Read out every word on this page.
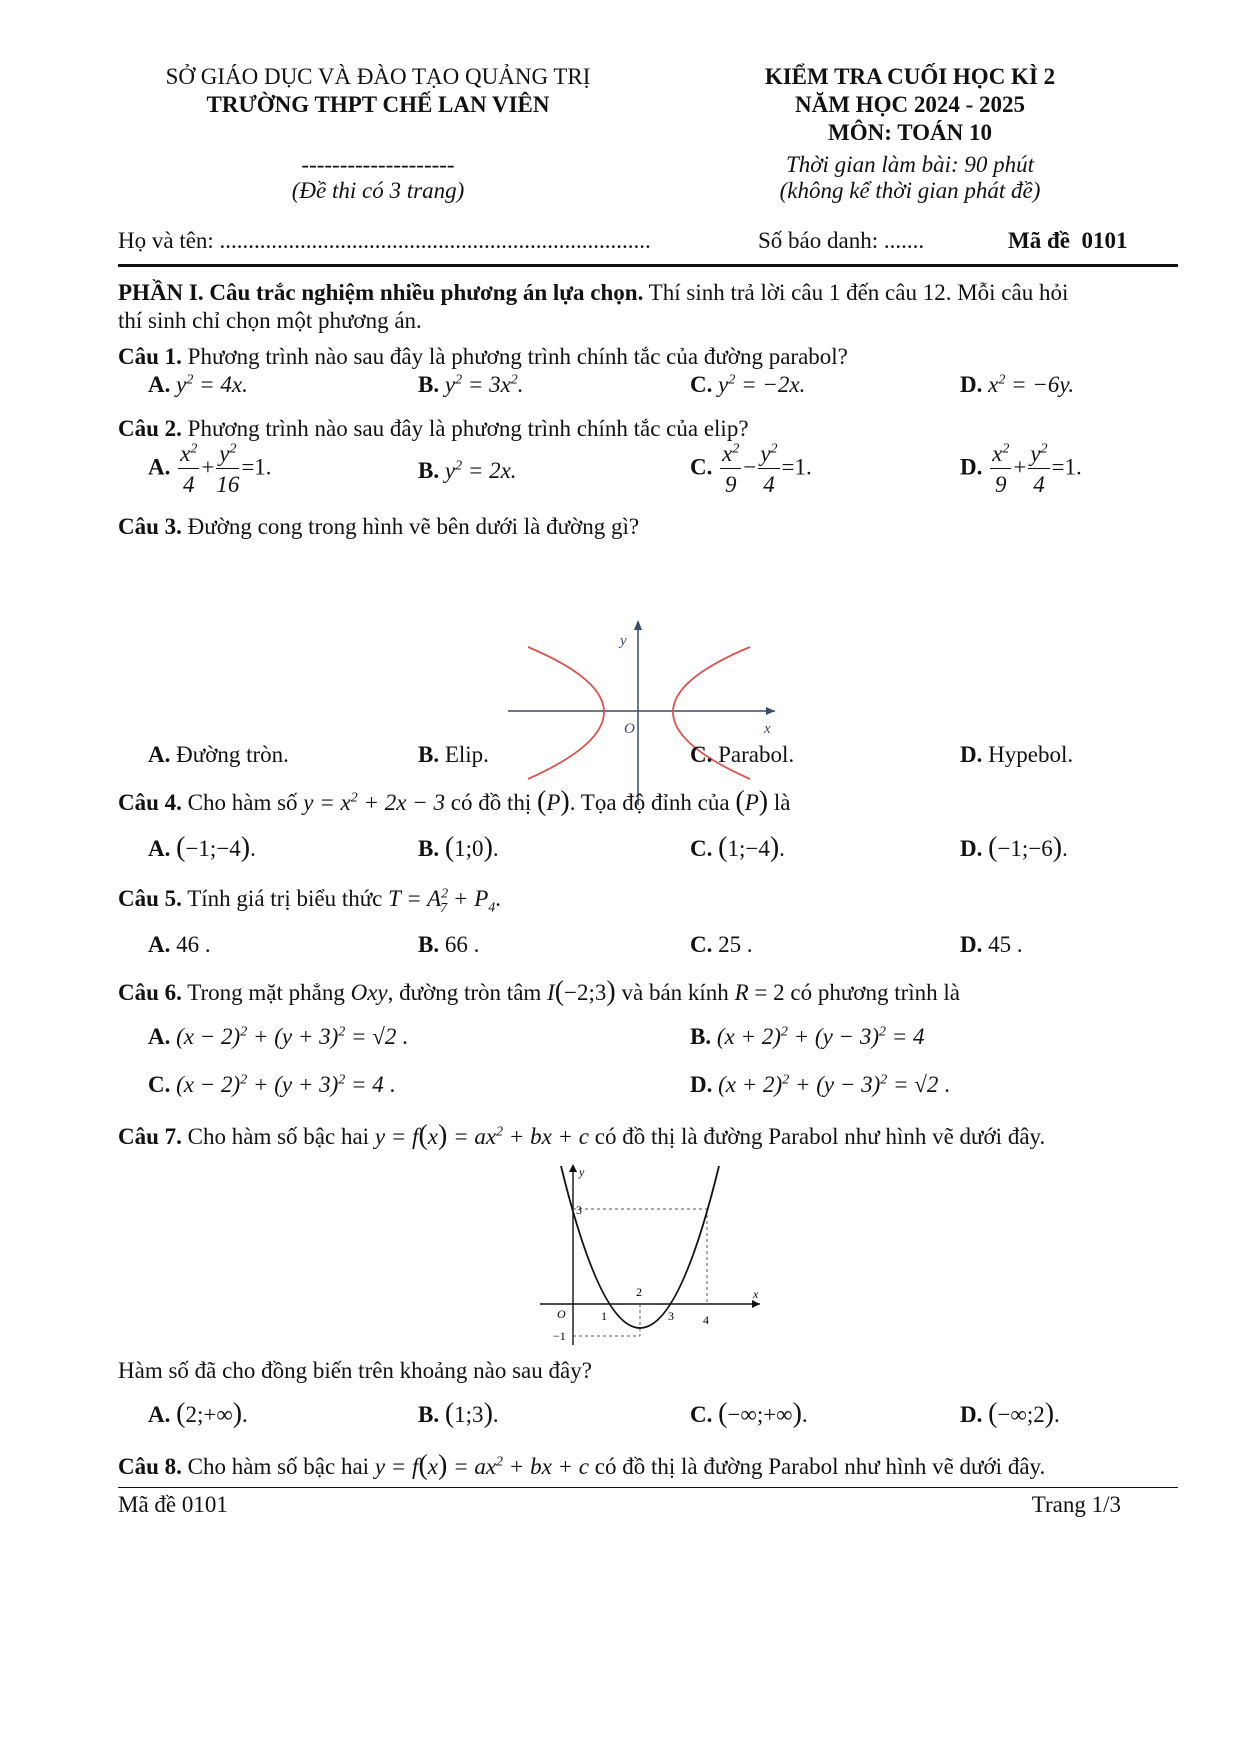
SỞ GIÁO DỤC VÀ ĐÀO TẠO QUẢNG TRỊ
TRƯỜNG THPT CHẾ LAN VIÊN
--------------------
(Đề thi có 3 trang)
KIỂM TRA CUỐI HỌC KÌ 2
NĂM HỌC 2024 - 2025
MÔN: TOÁN 10
Thời gian làm bài: 90 phút
(không kể thời gian phát đề)
Họ và tên: ...........................................................................	Số báo danh: .......	Mã đề 0101
PHẦN I. Câu trắc nghiệm nhiều phương án lựa chọn. Thí sinh trả lời câu 1 đến câu 12. Mỗi câu hỏi
thí sinh chỉ chọn một phương án.
Câu 1. Phương trình nào sau đây là phương trình chính tắc của đường parabol?
A. $y^2 = 4x$.	B. $y^2 = 3x^2$.	C. $y^2 = -2x$.	D. $x^2 = -6y$.
Câu 2. Phương trình nào sau đây là phương trình chính tắc của elip?
A. $\frac{x^2}{4} + \frac{y^2}{16} =1$.	B. $y^2 = 2x$.	C. $\frac{x^2}{9} - \frac{y^2}{4} =1$.	D. $\frac{x^2}{9} + \frac{y^2}{4} =1$.
Câu 3. Đường cong trong hình vẽ bên dưới là đường gì?
y
O	x
A. Đường tròn.	B. Elip.	C. Parabol.	D. Hypebol.
Câu 4. Cho hàm số $y = x^2 + 2x - 3$ có đồ thị (P). Tọa độ đỉnh của (P) là
A. (−1;−4).	B. (1;0).	C. (1;−4).	D. (−1;−6).
Câu 5. Tính giá trị biểu thức $T = A^2_7 + P_4$.
A. 46 .	B. 66 .	C. 25 .	D. 45 .
Câu 6. Trong mặt phẳng Oxy, đường tròn tâm I(−2;3) và bán kính R = 2 có phương trình là
A. $(x - 2)^2 + (y + 3)^2 = √2$ .	B. $(x + 2)^2 + (y - 3)^2 = 4$
C. $(x - 2)^2 + (y + 3)^2 = 4$ .	D. $(x + 2)^2 + (y - 3)^2 = √2$ .
Câu 7. Cho hàm số bậc hai $y = f(x) = ax^2$ + bx + c có đồ thị là đường Parabol như hình vẽ dưới đây.
y
x
O
3
2
1	3 4
−1
Hàm số đã cho đồng biến trên khoảng nào sau đây?
A. (2;+∞).	B. (1;3).	C. (−∞;+∞).	D. (−∞;2).
Câu 8. Cho hàm số bậc hai $y = f(x) = ax^2$ + bx + c có đồ thị là đường Parabol như hình vẽ dưới đây.
Mã đề 0101	Trang 1/3
